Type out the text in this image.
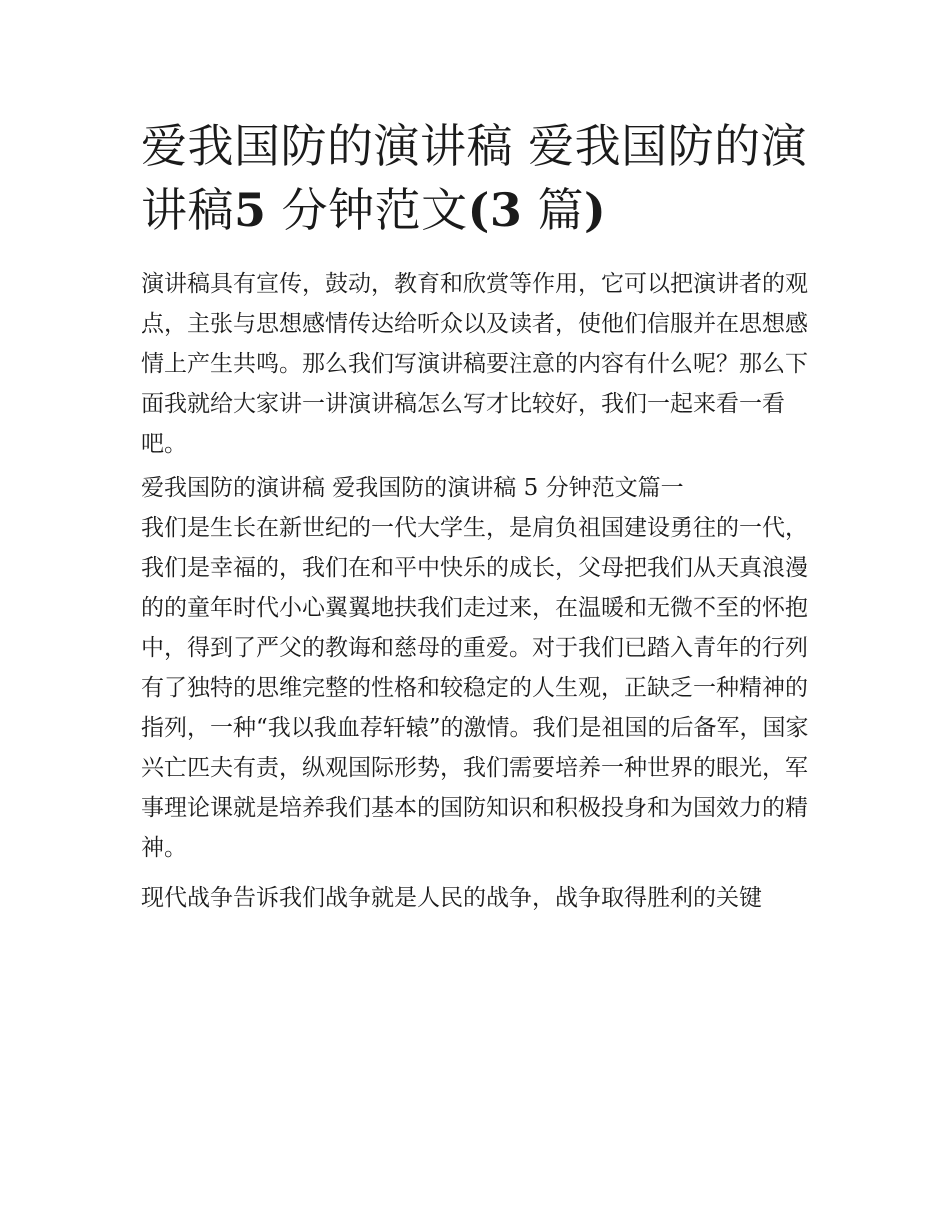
爱我国防的演讲稿 爱我国防的演讲稿5 分钟范文(3 篇)

演讲稿具有宣传，鼓动，教育和欣赏等作用，它可以把演讲者的观点，主张与思想感情传达给听众以及读者，使他们信服并在思想感情上产生共鸣。那么我们写演讲稿要注意的内容有什么呢？那么下面我就给大家讲一讲演讲稿怎么写才比较好，我们一起来看一看吧。

爱我国防的演讲稿 爱我国防的演讲稿 5 分钟范文篇一

我们是生长在新世纪的一代大学生，是肩负祖国建设勇往的一代，我们是幸福的，我们在和平中快乐的成长，父母把我们从天真浪漫的的童年时代小心翼翼地扶我们走过来，在温暖和无微不至的怀抱中，得到了严父的教诲和慈母的重爱。对于我们已踏入青年的行列有了独特的思维完整的性格和较稳定的人生观，正缺乏一种精神的指列，一种“我以我血荐轩辕”的激情。我们是祖国的后备军，国家兴亡匹夫有责，纵观国际形势，我们需要培养一种世界的眼光，军事理论课就是培养我们基本的国防知识和积极投身和为国效力的精神。

现代战争告诉我们战争就是人民的战争，战争取得胜利的关键
